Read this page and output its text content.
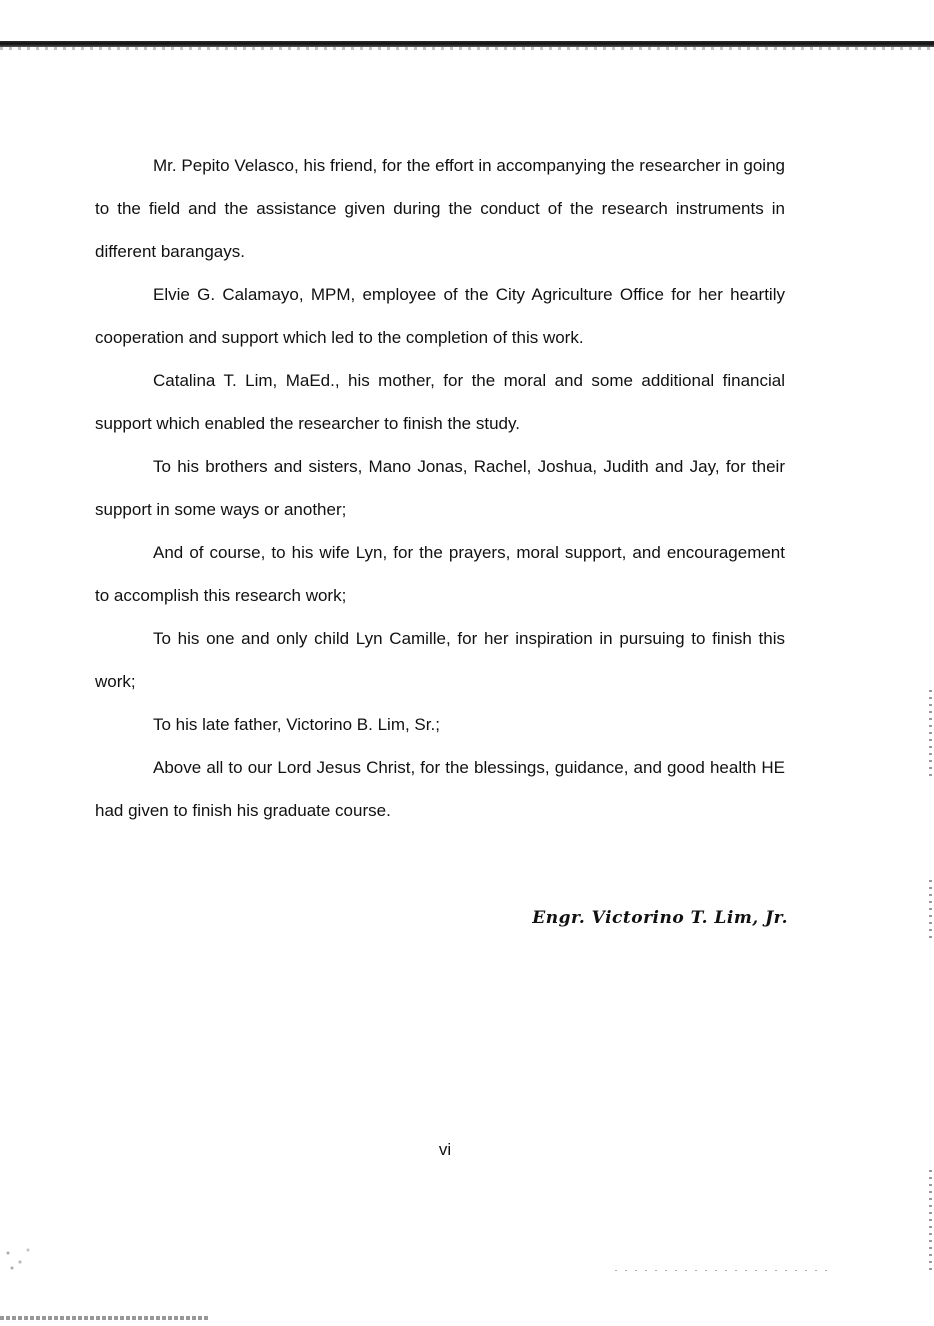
Mr. Pepito Velasco, his friend, for the effort in accompanying the researcher in going to the field and the assistance given during the conduct of the research instruments in different barangays.

Elvie G. Calamayo, MPM, employee of the City Agriculture Office for her heartily cooperation and support which led to the completion of this work.

Catalina T. Lim, MaEd., his mother, for the moral and some additional financial support which enabled the researcher to finish the study.

To his brothers and sisters, Mano Jonas, Rachel, Joshua, Judith and Jay, for their support in some ways or another;

And of course, to his wife Lyn, for the prayers, moral support, and encouragement to accomplish this research work;

To his one and only child Lyn Camille, for her inspiration in pursuing to finish this work;

To his late father, Victorino B. Lim, Sr.;

Above all to our Lord Jesus Christ, for the blessings, guidance, and good health HE had given to finish his graduate course.

Engr. Victorino T. Lim, Jr.
vi
